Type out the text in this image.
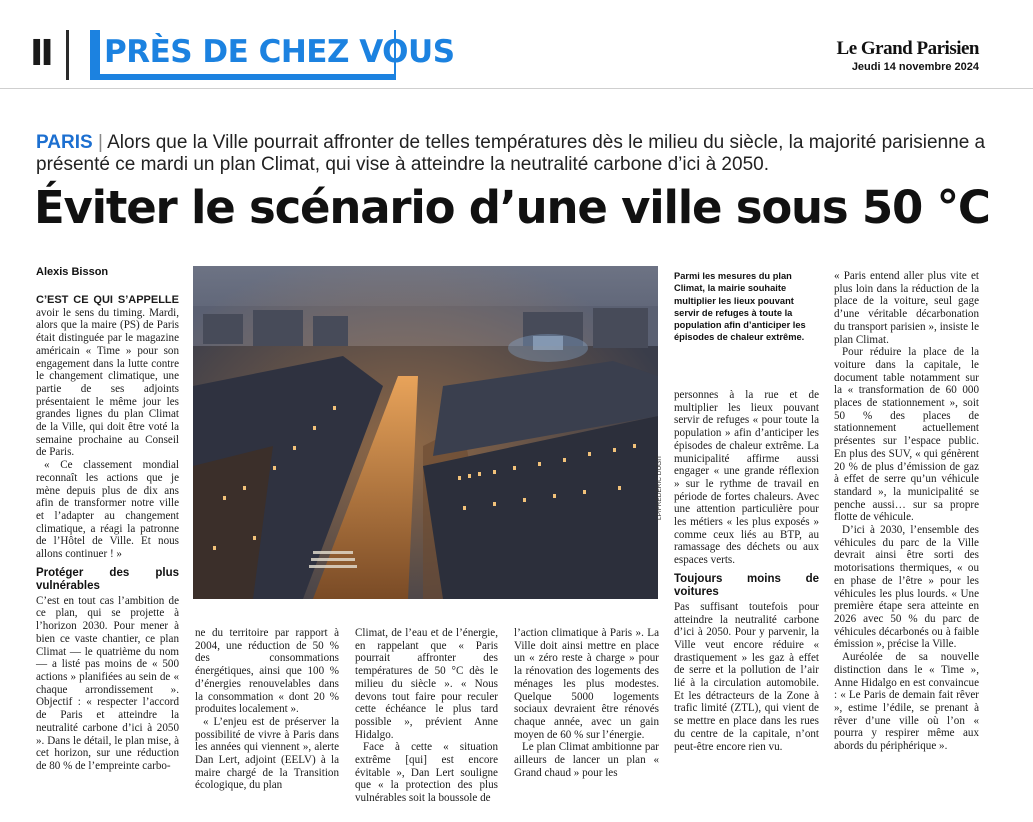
II PRÈS DE CHEZ VOUS	Le Grand Parisien
Jeudi 14 novembre 2024
PARIS | Alors que la Ville pourrait affronter de telles températures dès le milieu du siècle, la majorité parisienne a présenté ce mardi un plan Climat, qui vise à atteindre la neutralité carbone d’ici à 2050.
Éviter le scénario d’une ville sous 50 °C
Alexis Bisson
LP/FRÉDÉRIC DUGIT

C’EST CE QUI S’APPELLE avoir le sens du timing. Mardi, alors que la maire (PS) de Paris était distinguée par le magazine américain « Time » pour son engagement dans la lutte contre le changement climatique, une partie de ses adjoints présentaient le même jour les grandes lignes du plan Climat de la Ville, qui doit être voté la semaine prochaine au Conseil de Paris.

« Ce classement mondial reconnaît les actions que je mène depuis plus de dix ans afin de transformer notre ville et l’adapter au changement climatique, a réagi la patronne de l’Hôtel de Ville. Et nous allons continuer ! »

Protéger des plus vulnérables

C’est en tout cas l’ambition de ce plan, qui se projette à l’horizon 2030. Pour mener à bien ce vaste chantier, ce plan Climat — le quatrième du nom — a listé pas moins de « 500 actions » planifiées au sein de « chaque arrondissement ». Objectif : « respecter l’accord de Paris et atteindre la neutralité carbone d’ici à 2050 ». Dans le détail, le plan mise, à cet horizon, sur une réduction de 80 % de l’empreinte carbo-

ne du territoire par rapport à 2004, une réduction de 50 % des consommations énergétiques, ainsi que 100 % d’énergies renouvelables dans la consommation « dont 20 % produites localement ».

« L’enjeu est de préserver la possibilité de vivre à Paris dans les années qui viennent », alerte Dan Lert, adjoint (EELV) à la maire chargé de la Transition écologique, du plan

Climat, de l’eau et de l’énergie, en rappelant que « Paris pourrait affronter des températures de 50 °C dès le milieu du siècle ». « Nous devons tout faire pour reculer cette échéance le plus tard possible », prévient Anne Hidalgo.

Face à cette « situation extrême [qui] est encore évitable », Dan Lert souligne que « la protection des plus vulnérables soit la boussole de

l’action climatique à Paris ». La Ville doit ainsi mettre en place un « zéro reste à charge » pour la rénovation des logements des ménages les plus modestes. Quelque 5000 logements sociaux devraient être rénovés chaque année, avec un gain moyen de 60 % sur l’énergie.

Le plan Climat ambitionne par ailleurs de lancer un plan « Grand chaud » pour les

Parmi les mesures du plan Climat, la mairie souhaite multiplier les lieux pouvant servir de refuges à toute la population afin d’anticiper les épisodes de chaleur extrême.

personnes à la rue et de multiplier les lieux pouvant servir de refuges « pour toute la population » afin d’anticiper les épisodes de chaleur extrême. La municipalité affirme aussi engager « une grande réflexion » sur le rythme de travail en période de fortes chaleurs. Avec une attention particulière pour les métiers « les plus exposés » comme ceux liés au BTP, au ramassage des déchets ou aux espaces verts.

Toujours moins de voitures

Pas suffisant toutefois pour atteindre la neutralité carbone d’ici à 2050. Pour y parvenir, la Ville veut encore réduire « drastiquement » les gaz à effet de serre et la pollution de l’air lié à la circulation automobile. Et les détracteurs de la Zone à trafic limité (ZTL), qui vient de se mettre en place dans les rues du centre de la capitale, n’ont peut-être encore rien vu.

« Paris entend aller plus vite et plus loin dans la réduction de la place de la voiture, seul gage d’une véritable décarbonation du transport parisien », insiste le plan Climat.

Pour réduire la place de la voiture dans la capitale, le document table notamment sur la « transformation de 60 000 places de stationnement », soit 50 % des places de stationnement actuellement présentes sur l’espace public. En plus des SUV, « qui génèrent 20 % de plus d’émission de gaz à effet de serre qu’un véhicule standard », la municipalité se penche aussi… sur sa propre flotte de véhicule.

D’ici à 2030, l’ensemble des véhicules du parc de la Ville devrait ainsi être sorti des motorisations thermiques, « ou en phase de l’être » pour les véhicules les plus lourds. « Une première étape sera atteinte en 2026 avec 50 % du parc de véhicules décarbonés ou à faible émission », précise la Ville.

Auréolée de sa nouvelle distinction dans le « Time », Anne Hidalgo en est convaincue : « Le Paris de demain fait rêver », estime l’édile, se prenant à rêver d’une ville où l’on « pourra y respirer même aux abords du périphérique ».
